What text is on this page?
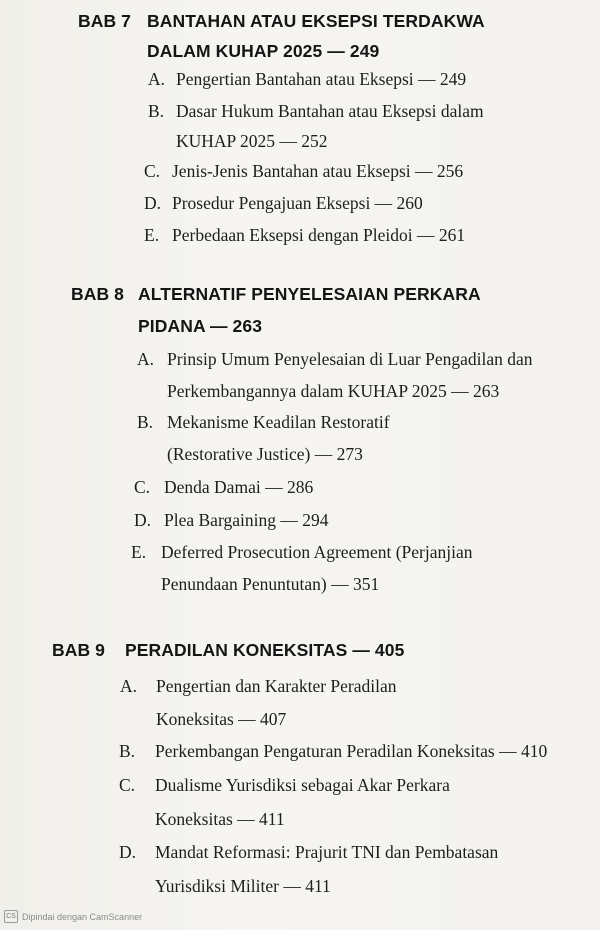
BAB 7 BANTAHAN ATAU EKSEPSI TERDAKWA
DALAM KUHAP 2025 — 249
A. Pengertian Bantahan atau Eksepsi — 249
B. Dasar Hukum Bantahan atau Eksepsi dalam
KUHAP 2025 — 252
C. Jenis-Jenis Bantahan atau Eksepsi — 256
D. Prosedur Pengajuan Eksepsi — 260
E. Perbedaan Eksepsi dengan Pleidoi — 261
BAB 8 ALTERNATIF PENYELESAIAN PERKARA
PIDANA — 263
A. Prinsip Umum Penyelesaian di Luar Pengadilan dan
Perkembangannya dalam KUHAP 2025 — 263
B. Mekanisme Keadilan Restoratif
(Restorative Justice) — 273
C. Denda Damai — 286
D. Plea Bargaining — 294
E. Deferred Prosecution Agreement (Perjanjian
Penundaan Penuntutan) — 351
BAB 9 PERADILAN KONEKSITAS — 405
A. Pengertian dan Karakter Peradilan
Koneksitas — 407
B. Perkembangan Pengaturan Peradilan Koneksitas — 410
C. Dualisme Yurisdiksi sebagai Akar Perkara
Koneksitas — 411
D. Mandat Reformasi: Prajurit TNI dan Pembatasan
Yurisdiksi Militer — 411
CS Dipindai dengan CamScanner
